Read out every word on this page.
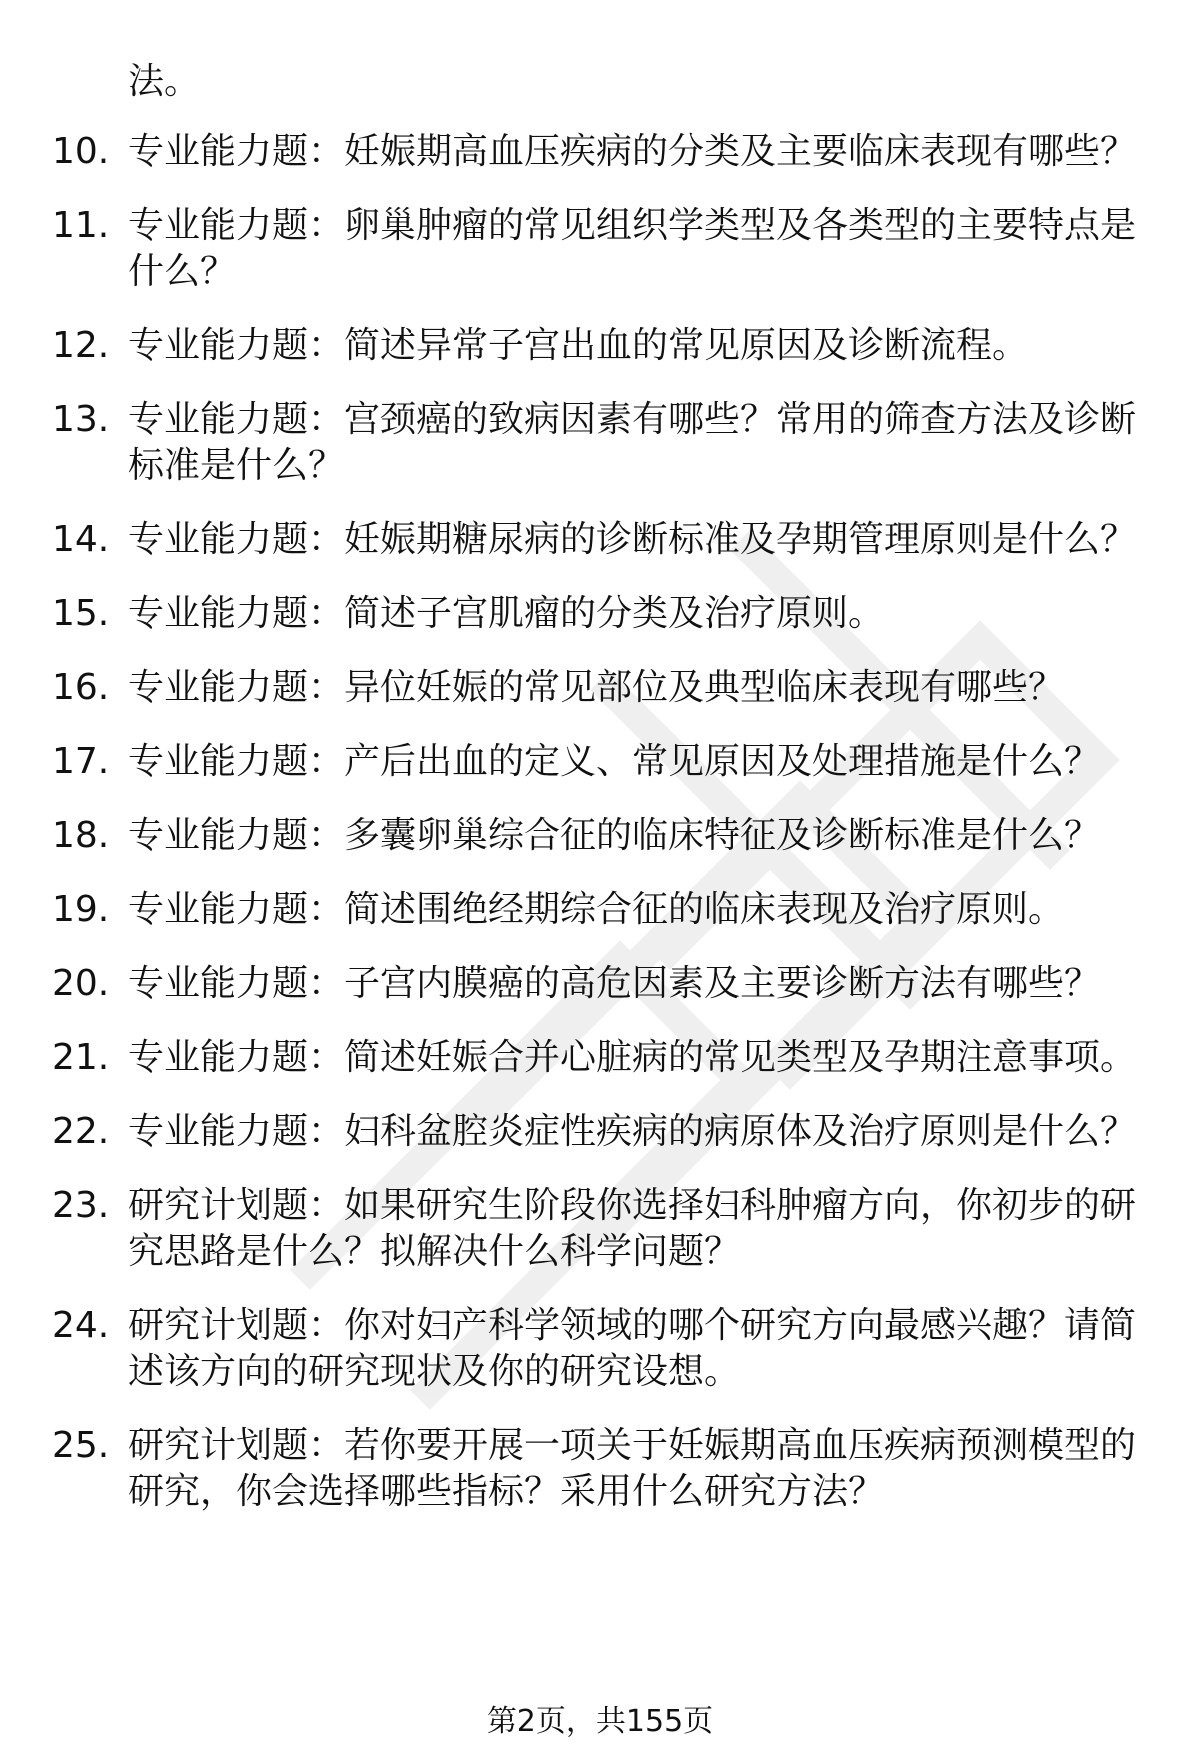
法。
10. 专业能力题：妊娠期高血压疾病的分类及主要临床表现有哪些？
11. 专业能力题：卵巢肿瘤的常见组织学类型及各类型的主要特点是
什么？
12. 专业能力题：简述异常子宫出血的常见原因及诊断流程。
13. 专业能力题：宫颈癌的致病因素有哪些？常用的筛查方法及诊断
标准是什么？
14. 专业能力题：妊娠期糖尿病的诊断标准及孕期管理原则是什么？
15. 专业能力题：简述子宫肌瘤的分类及治疗原则。
16. 专业能力题：异位妊娠的常见部位及典型临床表现有哪些？
17. 专业能力题：产后出血的定义、常见原因及处理措施是什么？
18. 专业能力题：多囊卵巢综合征的临床特征及诊断标准是什么？
19. 专业能力题：简述围绝经期综合征的临床表现及治疗原则。
20. 专业能力题：子宫内膜癌的高危因素及主要诊断方法有哪些？
21. 专业能力题：简述妊娠合并心脏病的常见类型及孕期注意事项。
22. 专业能力题：妇科盆腔炎症性疾病的病原体及治疗原则是什么？
23. 研究计划题：如果研究生阶段你选择妇科肿瘤方向，你初步的研
究思路是什么？拟解决什么科学问题？
24. 研究计划题：你对妇产科学领域的哪个研究方向最感兴趣？请简
述该方向的研究现状及你的研究设想。
25. 研究计划题：若你要开展一项关于妊娠期高血压疾病预测模型的
研究，你会选择哪些指标？采用什么研究方法？
第2页，共155页
